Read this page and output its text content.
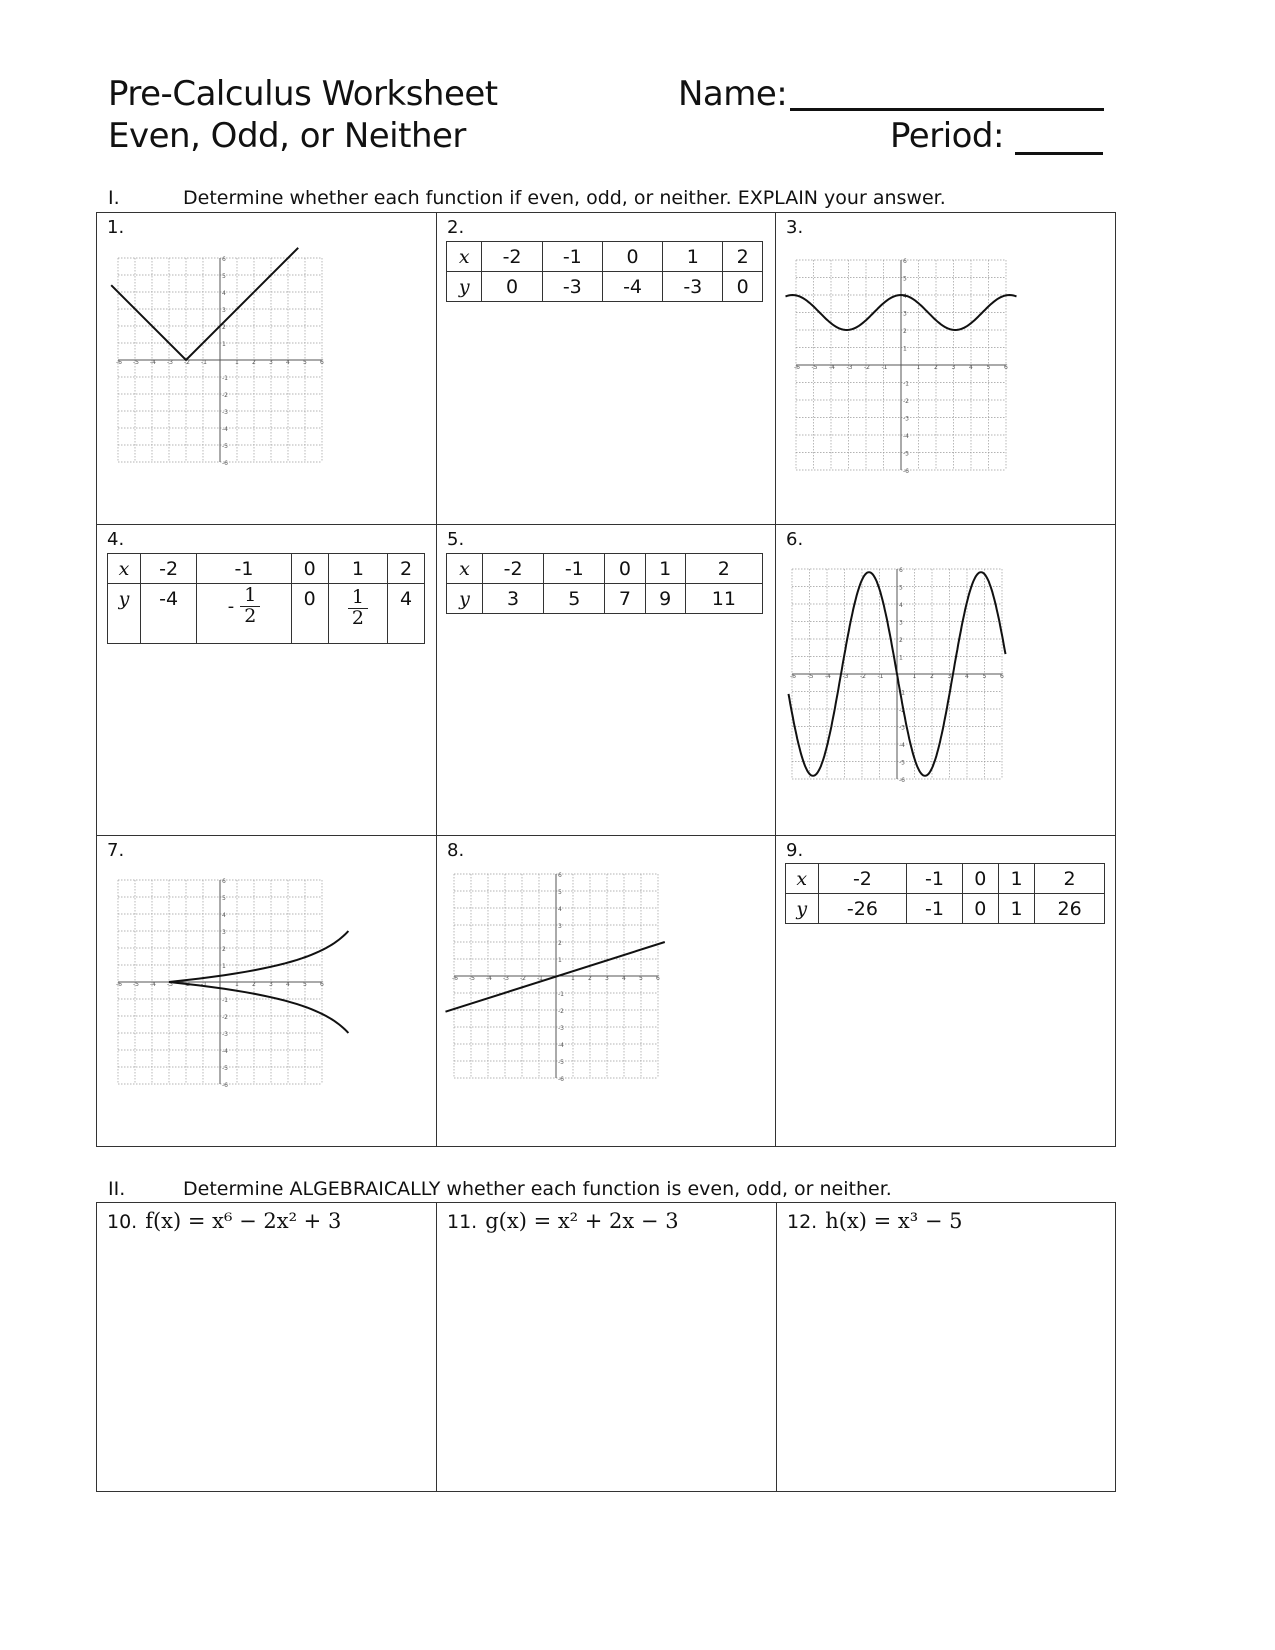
Pre-Calculus Worksheet
Even, Odd, or Neither
Name:
Period:
I.	Determine whether each function if even, odd, or neither. EXPLAIN your answer.
1.	2.	3.
4.	5.	6.
7.	8.	9.
x	-2	-1	0	1	2
y	0	-3	-4	-3	0
x	-2	-1	0	1	2
y	-4	- $\frac{1}{2}$	0	$\frac{1}{2}$	4
x	-2	-1	0	1	2
y	3	5	7	9	11
x	-2	-1	0	1	2
y	-26	-1	0	1	26
-6
-6
-5
-5
-4
-4
-3
-3
-2
-2
-1
-1
1
1
2
2
3
3
4
4
5
5
6
6
-6
-6
-5
-5
-4
-4
-3
-3
-2
-2
-1
-1
1
1
2
2
3
3
4
4
5
5
6
6
-6
-6
-5
-5
-4
-4
-3
-3
-2
-2
-1
-1
1
1
2
2
3
3
4
4
5
5
6
6
-6
-6
-5
-5
-4
-4
-3
-3
-2
-2
-1
-1
1
1
2
2
3
3
4
4
5
5
6
6
-6
-6
-5
-5
-4
-4
-3
-3
-2
-2
-1
-1
1
1
2
2
3
3
4
4
5
5
6
6
II.	Determine ALGEBRAICALLY whether each function is even, odd, or neither.
10. f(x) = x⁶ − 2x² + 3	11. g(x) = x² + 2x − 3	12. h(x) = x³ − 5
